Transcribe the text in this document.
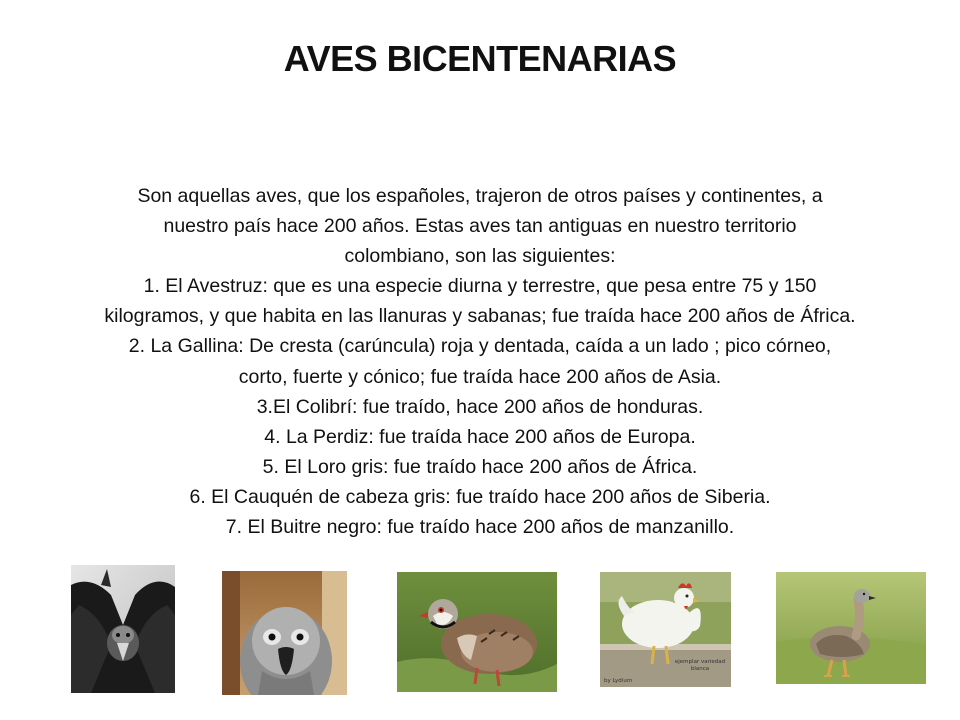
AVES BICENTENARIAS

Son aquellas aves, que los españoles, trajeron de otros países y continentes, a

nuestro país hace 200 años. Estas aves tan antiguas en nuestro territorio

colombiano, son las siguientes:

1. El Avestruz: que es una especie diurna y terrestre, que pesa entre 75 y 150

kilogramos, y que habita en las llanuras y sabanas; fue traída hace 200 años de África.

2. La Gallina: De cresta (carúncula) roja y dentada, caída a un lado ; pico córneo,

corto, fuerte y cónico; fue traída hace 200 años de Asia.

3.El Colibrí: fue traído, hace 200 años de honduras.

4. La Perdiz: fue traída hace 200 años de Europa.

5. El Loro gris: fue traído hace 200 años de África.

6. El Cauquén de cabeza gris: fue traído hace 200 años de Siberia.

7. El Buitre negro: fue traído hace 200 años de manzanillo.

ejemplar variedad
blanca
by Lydium
